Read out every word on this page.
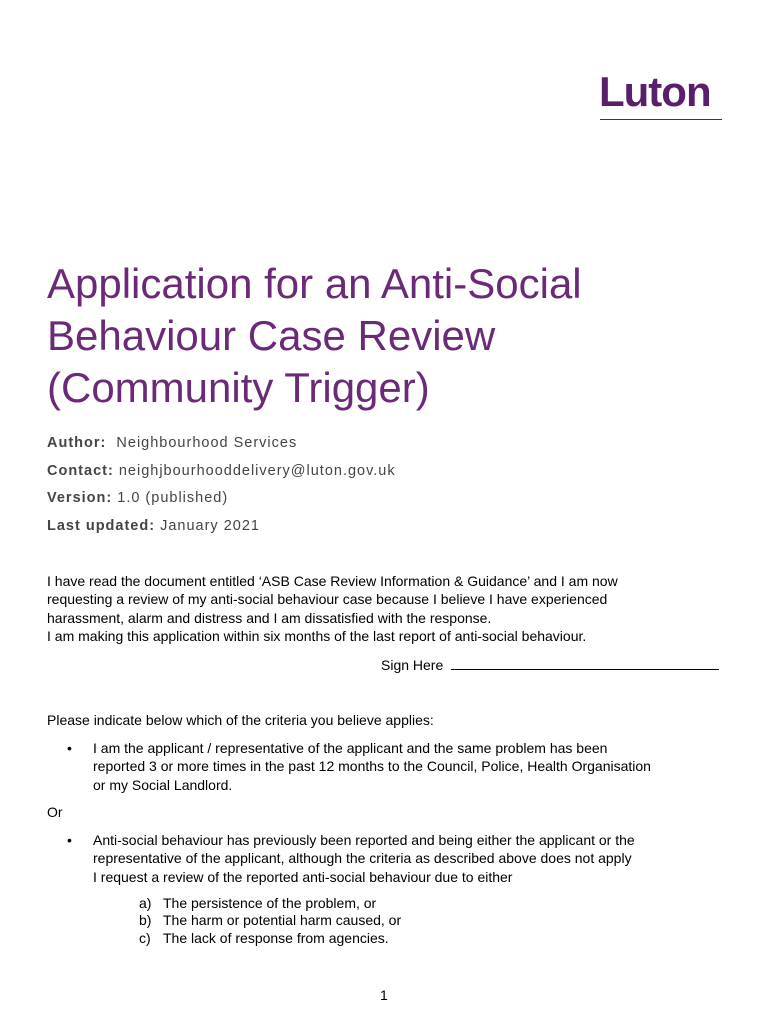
Luton
Application for an Anti-Social
Behaviour Case Review
(Community Trigger)
Author: Neighbourhood Services
Contact: neighjbourhooddelivery@luton.gov.uk
Version: 1.0 (published)
Last updated: January 2021
I have read the document entitled ‘ASB Case Review Information & Guidance’ and I am now
requesting a review of my anti-social behaviour case because I believe I have experienced
harassment, alarm and distress and I am dissatisfied with the response.
I am making this application within six months of the last report of anti-social behaviour.
Sign Here
Please indicate below which of the criteria you believe applies:
• I am the applicant / representative of the applicant and the same problem has been
reported 3 or more times in the past 12 months to the Council, Police, Health Organisation
or my Social Landlord.
Or
• Anti-social behaviour has previously been reported and being either the applicant or the
representative of the applicant, although the criteria as described above does not apply
I request a review of the reported anti-social behaviour due to either
a) The persistence of the problem, or
b) The harm or potential harm caused, or
c) The lack of response from agencies.
1
